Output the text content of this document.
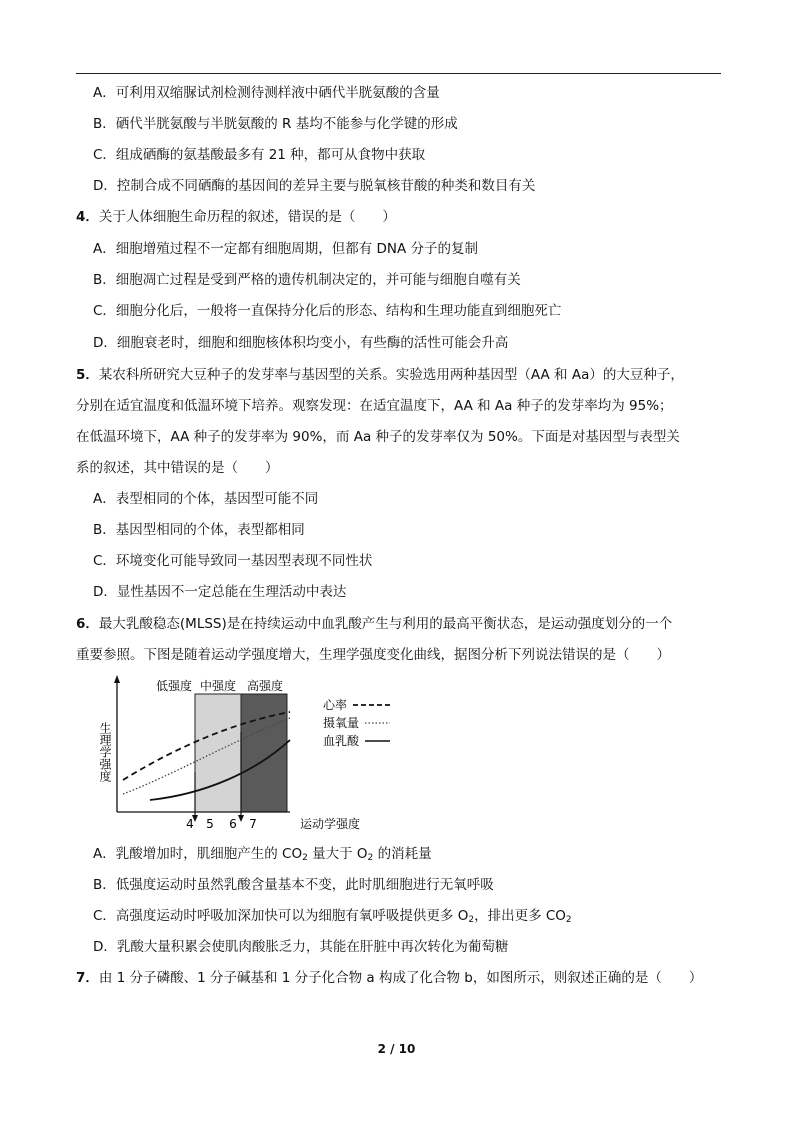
A．可利用双缩脲试剂检测待测样液中硒代半胱氨酸的含量
B．硒代半胱氨酸与半胱氨酸的 R 基均不能参与化学键的形成
C．组成硒酶的氨基酸最多有 21 种，都可从食物中获取
D．控制合成不同硒酶的基因间的差异主要与脱氧核苷酸的种类和数目有关
4．关于人体细胞生命历程的叙述，错误的是（　　）
A．细胞增殖过程不一定都有细胞周期，但都有 DNA 分子的复制
B．细胞凋亡过程是受到严格的遗传机制决定的，并可能与细胞自噬有关
C．细胞分化后，一般将一直保持分化后的形态、结构和生理功能直到细胞死亡
D．细胞衰老时，细胞和细胞核体积均变小，有些酶的活性可能会升高
5．某农科所研究大豆种子的发芽率与基因型的关系。实验选用两种基因型（AA 和 Aa）的大豆种子，
分别在适宜温度和低温环境下培养。观察发现：在适宜温度下，AA 和 Aa 种子的发芽率均为 95%；
在低温环境下，AA 种子的发芽率为 90%，而 Aa 种子的发芽率仅为 50%。下面是对基因型与表型关
系的叙述，其中错误的是（　　）
A．表型相同的个体，基因型可能不同
B．基因型相同的个体，表型都相同
C．环境变化可能导致同一基因型表现不同性状
D．显性基因不一定总能在生理活动中表达
6．最大乳酸稳态(MLSS)是在持续运动中血乳酸产生与利用的最高平衡状态，是运动强度划分的一个
重要参照。下图是随着运动学强度增大，生理学强度变化曲线，据图分析下列说法错误的是（　　）
生理学强度
低强度 中强度 高强度
4 5 6 7	运动学强度
心率
摄氧量
血乳酸
A．乳酸增加时，肌细胞产生的 $CO_2$ 量大于 $O_2$ 的消耗量
B．低强度运动时虽然乳酸含量基本不变，此时肌细胞进行无氧呼吸
C．高强度运动时呼吸加深加快可以为细胞有氧呼吸提供更多 $O_2$，排出更多 $CO_2$
D．乳酸大量积累会使肌肉酸胀乏力，其能在肝脏中再次转化为葡萄糖
7．由 1 分子磷酸、1 分子碱基和 1 分子化合物 a 构成了化合物 b，如图所示，则叙述正确的是（　　）
2 / 10
